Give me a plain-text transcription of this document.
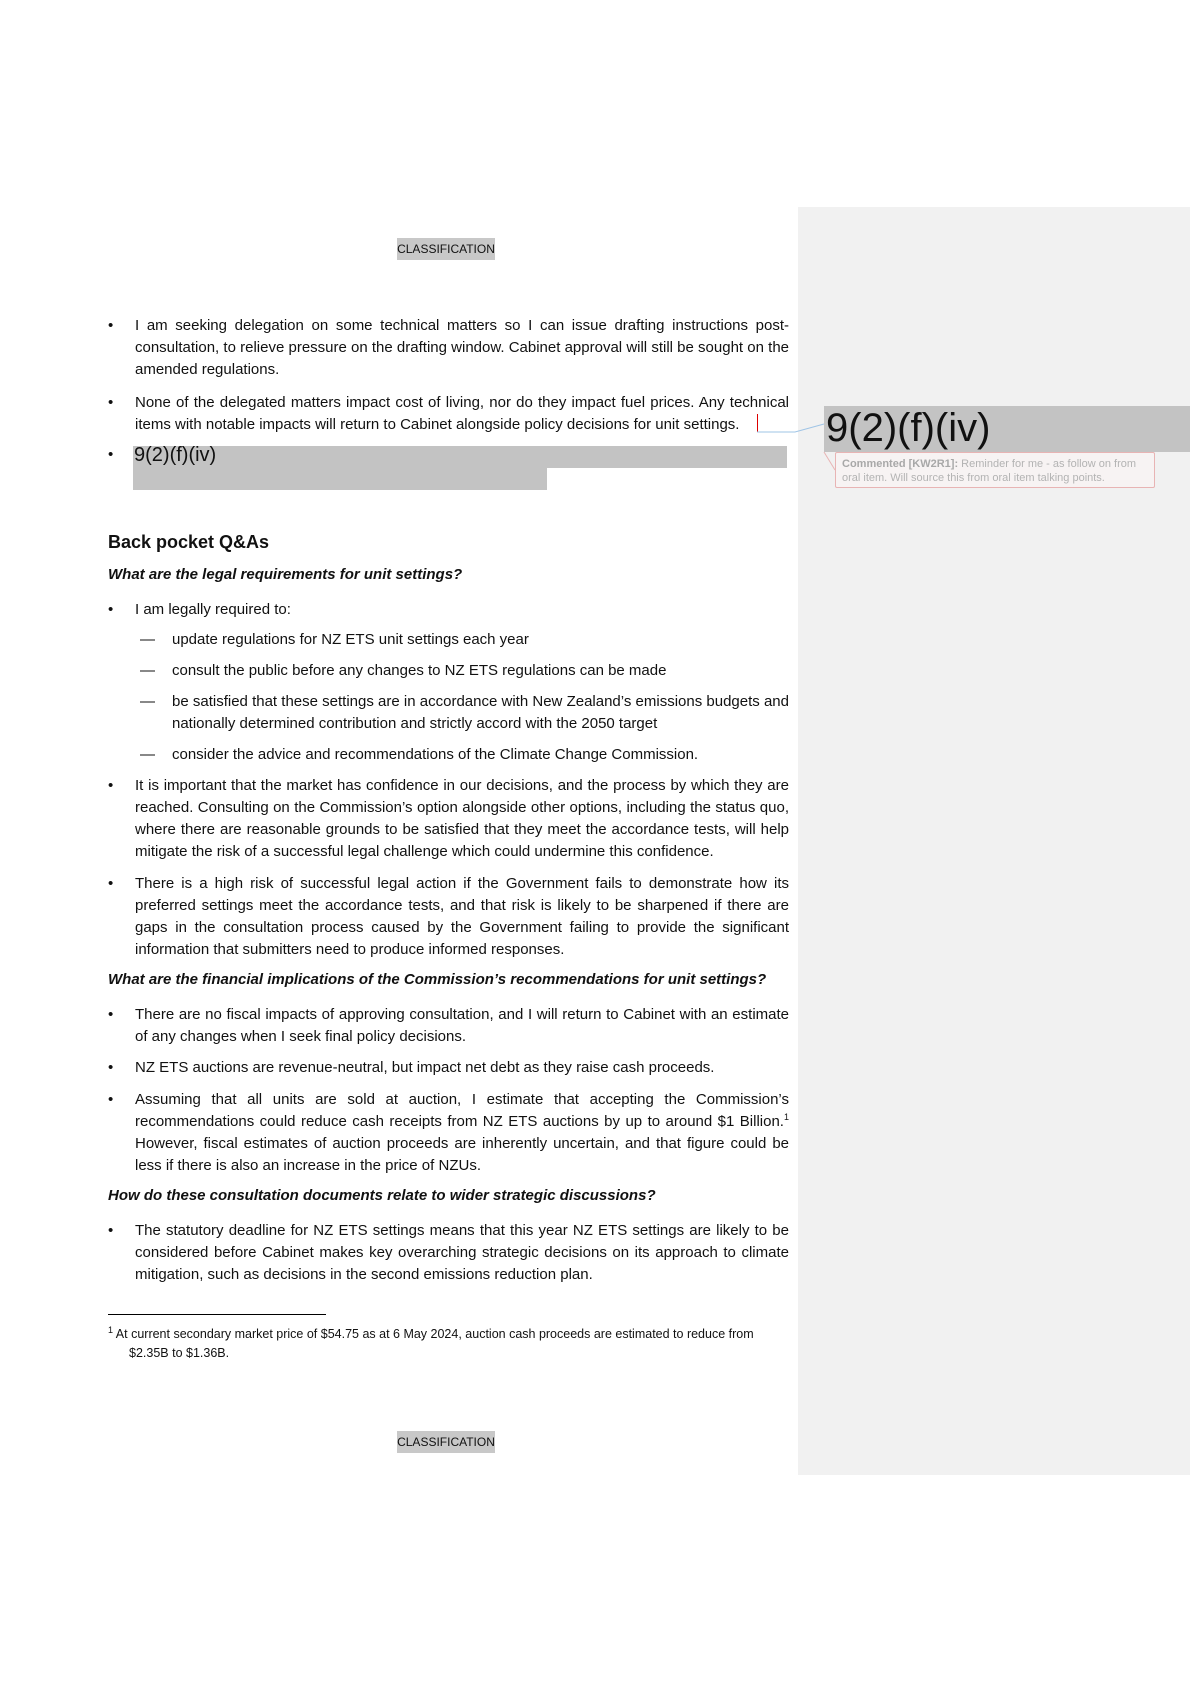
CLASSIFICATION
•	I am seeking delegation on some technical matters so I can issue drafting instructions post-consultation, to relieve pressure on the drafting window. Cabinet approval will still be sought on the amended regulations.
•	None of the delegated matters impact cost of living, nor do they impact fuel prices. Any technical items with notable impacts will return to Cabinet alongside policy decisions for unit settings.
•	9(2)(f)(iv)
Back pocket Q&As
What are the legal requirements for unit settings?
•	I am legally required to:
— update regulations for NZ ETS unit settings each year
— consult the public before any changes to NZ ETS regulations can be made
— be satisfied that these settings are in accordance with New Zealand’s emissions budgets and nationally determined contribution and strictly accord with the 2050 target
— consider the advice and recommendations of the Climate Change Commission.
•	It is important that the market has confidence in our decisions, and the process by which they are reached. Consulting on the Commission’s option alongside other options, including the status quo, where there are reasonable grounds to be satisfied that they meet the accordance tests, will help mitigate the risk of a successful legal challenge which could undermine this confidence.
•	There is a high risk of successful legal action if the Government fails to demonstrate how its preferred settings meet the accordance tests, and that risk is likely to be sharpened if there are gaps in the consultation process caused by the Government failing to provide the significant information that submitters need to produce informed responses.
What are the financial implications of the Commission’s recommendations for unit settings?
•	There are no fiscal impacts of approving consultation, and I will return to Cabinet with an estimate of any changes when I seek final policy decisions.
•	NZ ETS auctions are revenue-neutral, but impact net debt as they raise cash proceeds.
•	Assuming that all units are sold at auction, I estimate that accepting the Commission’s recommendations could reduce cash receipts from NZ ETS auctions by up to around $1 Billion.$^1$ However, fiscal estimates of auction proceeds are inherently uncertain, and that figure could be less if there is also an increase in the price of NZUs.
How do these consultation documents relate to wider strategic discussions?
•	The statutory deadline for NZ ETS settings means that this year NZ ETS settings are likely to be considered before Cabinet makes key overarching strategic decisions on its approach to climate mitigation, such as decisions in the second emissions reduction plan.
$^1$ At current secondary market price of $54.75 as at 6 May 2024, auction cash proceeds are estimated to reduce from
$2.35B to $1.36B.
CLASSIFICATION
9(2)(f)(iv)
Commented [KW2R1]: Reminder for me - as follow on from oral item. Will source this from oral item talking points.
